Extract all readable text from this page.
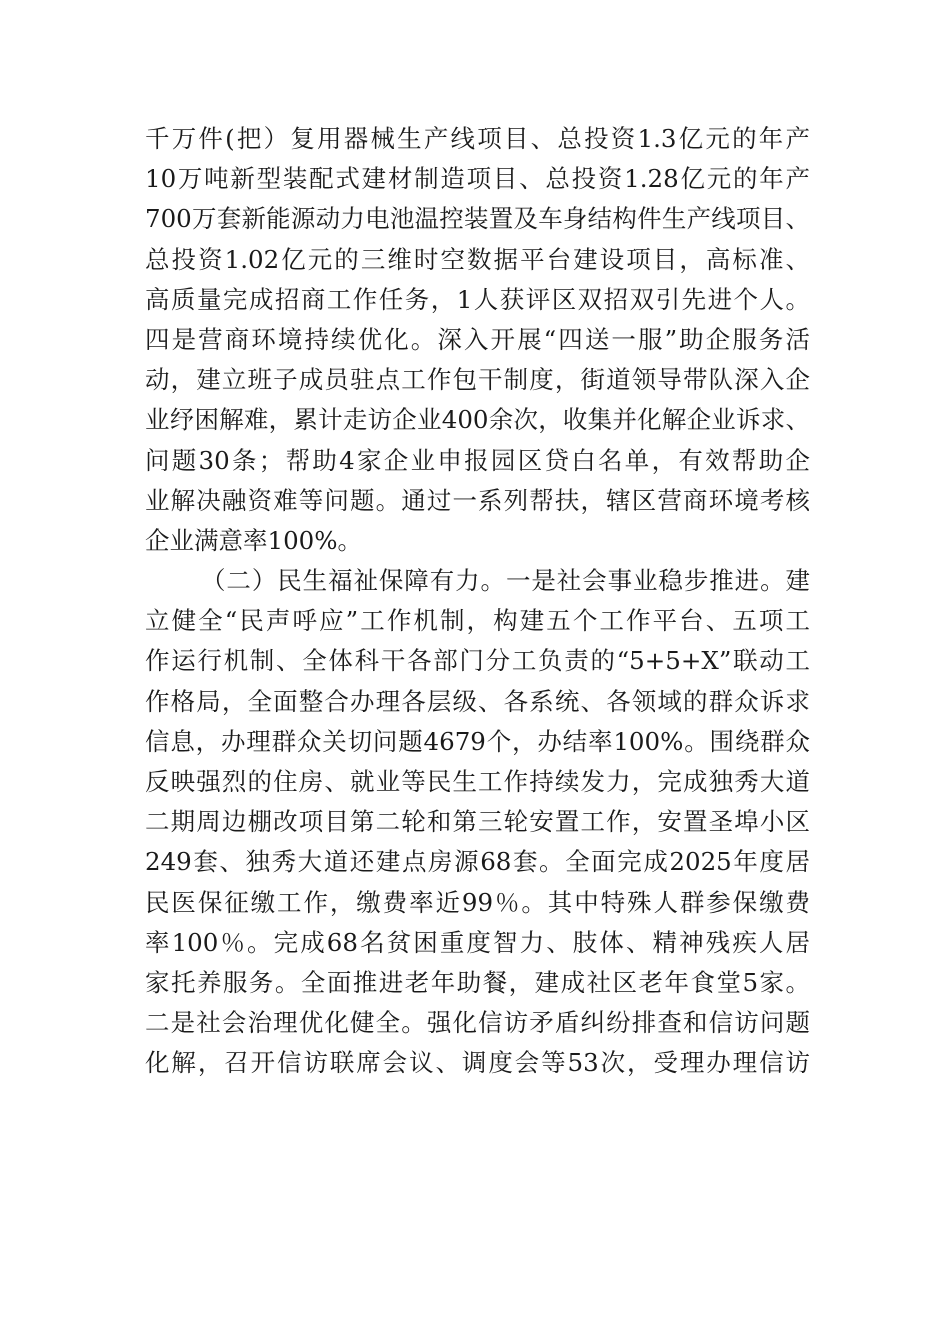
千万件(把）复用器械生产线项目、总投资1.3亿元的年产
10万吨新型装配式建材制造项目、总投资1.28亿元的年产
700万套新能源动力电池温控装置及车身结构件生产线项目、
总投资1.02亿元的三维时空数据平台建设项目，高标准、
高质量完成招商工作任务，1人获评区双招双引先进个人。
四是营商环境持续优化。深入开展“四送一服”助企服务活
动，建立班子成员驻点工作包干制度，街道领导带队深入企
业纾困解难，累计走访企业400余次，收集并化解企业诉求、
问题30条；帮助4家企业申报园区贷白名单，有效帮助企
业解决融资难等问题。通过一系列帮扶，辖区营商环境考核
企业满意率100%。
（二）民生福祉保障有力。一是社会事业稳步推进。建
立健全“民声呼应”工作机制，构建五个工作平台、五项工
作运行机制、全体科干各部门分工负责的“5+5+X”联动工
作格局，全面整合办理各层级、各系统、各领域的群众诉求
信息，办理群众关切问题4679个，办结率100%。围绕群众
反映强烈的住房、就业等民生工作持续发力，完成独秀大道
二期周边棚改项目第二轮和第三轮安置工作，安置圣埠小区
249套、独秀大道还建点房源68套。全面完成2025年度居
民医保征缴工作，缴费率近99％。其中特殊人群参保缴费
率100％。完成68名贫困重度智力、肢体、精神残疾人居
家托养服务。全面推进老年助餐，建成社区老年食堂5家。
二是社会治理优化健全。强化信访矛盾纠纷排查和信访问题
化解，召开信访联席会议、调度会等53次，受理办理信访
